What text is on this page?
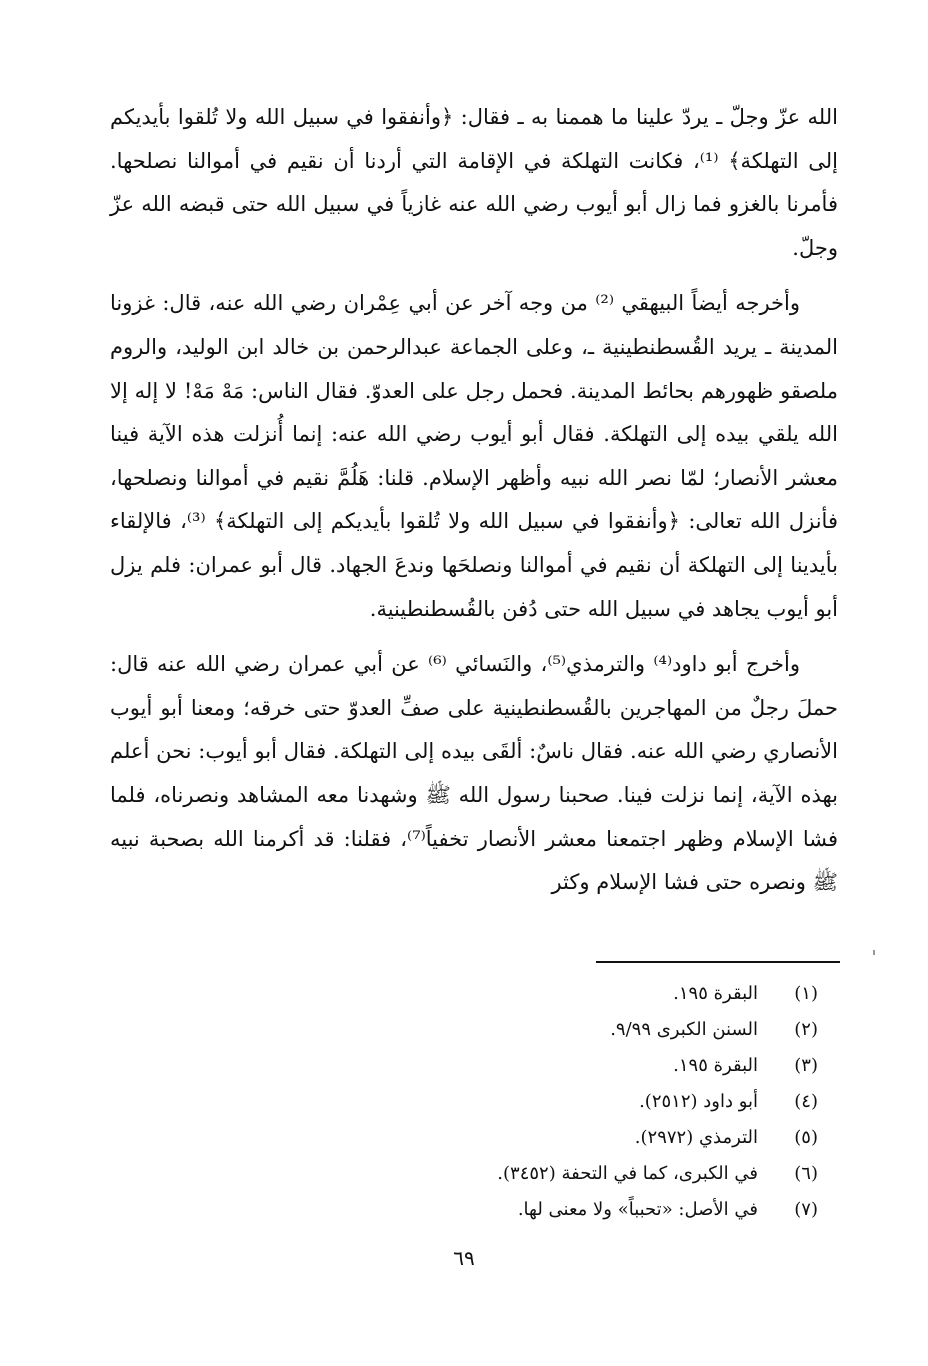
الله عزّ وجلّ ـ يردّ علينا ما هممنا به ـ فقال: ﴿وأنفقوا في سبيل الله ولا تُلقوا بأيديكم إلى التهلكة﴾ ⁽¹⁾، فكانت التهلكة في الإقامة التي أردنا أن نقيم في أموالنا نصلحها. فأمرنا بالغزو فما زال أبو أيوب رضي الله عنه غازياً في سبيل الله حتى قبضه الله عزّ وجلّ.

وأخرجه أيضاً البيهقي ⁽²⁾ من وجه آخر عن أبي عِمْران رضي الله عنه، قال: غزونا المدينة ـ يريد القُسطنطينية ـ، وعلى الجماعة عبدالرحمن بن خالد ابن الوليد، والروم ملصقو ظهورهم بحائط المدينة. فحمل رجل على العدوّ. فقال الناس: مَهْ مَهْ! لا إله إلا الله يلقي بيده إلى التهلكة. فقال أبو أيوب رضي الله عنه: إنما أُنزلت هذه الآية فينا معشر الأنصار؛ لمّا نصر الله نبيه وأظهر الإسلام. قلنا: هَلُمَّ نقيم في أموالنا ونصلحها، فأنزل الله تعالى: ﴿وأنفقوا في سبيل الله ولا تُلقوا بأيديكم إلى التهلكة﴾ ⁽³⁾، فالإلقاء بأيدينا إلى التهلكة أن نقيم في أموالنا ونصلحَها وندعَ الجهاد. قال أبو عمران: فلم يزل أبو أيوب يجاهد في سبيل الله حتى دُفن بالقُسطنطينية.

وأخرج أبو داود⁽⁴⁾ والترمذي⁽⁵⁾، والنَسائي ⁽⁶⁾ عن أبي عمران رضي الله عنه قال: حملَ رجلٌ من المهاجرين بالقُسطنطينية على صفِّ العدوّ حتى خرقه؛ ومعنا أبو أيوب الأنصاري رضي الله عنه. فقال ناسٌ: ألقَى بيده إلى التهلكة. فقال أبو أيوب: نحن أعلم بهذه الآية، إنما نزلت فينا. صحبنا رسول الله ﷺ وشهدنا معه المشاهد ونصرناه، فلما فشا الإسلام وظهر اجتمعنا معشر الأنصار تخفياً⁽⁷⁾، فقلنا: قد أكرمنا الله بصحبة نبيه ﷺ ونصره حتى فشا الإسلام وكثر

(١)
البقرة ١٩٥.
(٢)
السنن الكبرى ٩/٩٩.
(٣)
البقرة ١٩٥.
(٤)
أبو داود (٢٥١٢).
(٥)
الترمذي (٢٩٧٢).
(٦)
في الكبرى، كما في التحفة (٣٤٥٢).
(٧)
في الأصل: «تحبباً» ولا معنى لها.
٦٩
